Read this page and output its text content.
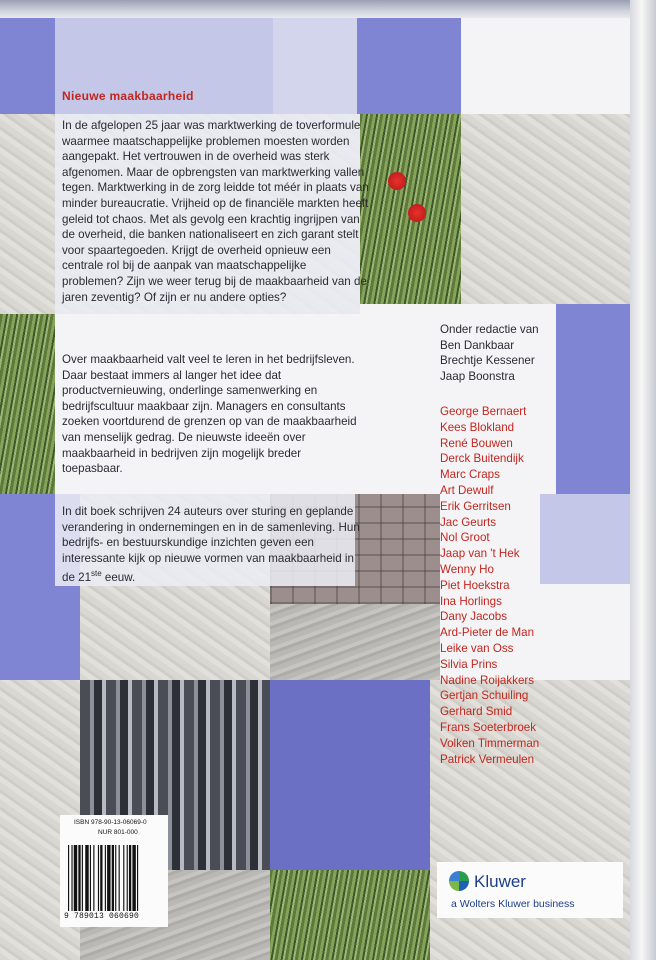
Nieuwe maakbaarheid

In de afgelopen 25 jaar was marktwerking de toverformule waarmee maatschappelijke problemen moesten worden aangepakt. Het vertrouwen in de overheid was sterk afgenomen. Maar de opbrengsten van marktwerking vallen tegen. Marktwerking in de zorg leidde tot méér in plaats van minder bureaucratie. Vrijheid op de financiële markten heeft geleid tot chaos. Met als gevolg een krachtig ingrijpen van de overheid, die banken nationaliseert en zich garant stelt voor spaartegoeden. Krijgt de overheid opnieuw een centrale rol bij de aanpak van maatschappelijke problemen? Zijn we weer terug bij de maakbaarheid van de jaren zeventig? Of zijn er nu andere opties?

Over maakbaarheid valt veel te leren in het bedrijfsleven. Daar bestaat immers al langer het idee dat productvernieuwing, onderlinge samenwerking en bedrijfscultuur maakbaar zijn. Managers en consultants zoeken voortdurend de grenzen op van de maakbaarheid van menselijk gedrag. De nieuwste ideeën over maakbaarheid in bedrijven zijn mogelijk breder toepasbaar.

In dit boek schrijven 24 auteurs over sturing en geplande verandering in ondernemingen en in de samenleving. Hun bedrijfs- en bestuurskundige inzichten geven een interessante kijk op nieuwe vormen van maakbaarheid in de 21ste eeuw.

Onder redactie van
Ben Dankbaar
Brechtje Kessener
Jaap Boonstra
George Bernaert
Kees Blokland
René Bouwen
Derck Buitendijk
Marc Craps
Art Dewulf
Erik Gerritsen
Jac Geurts
Nol Groot
Jaap van 't Hek
Wenny Ho
Piet Hoekstra
Ina Horlings
Dany Jacobs
Ard-Pieter de Man
Leike van Oss
Silvia Prins
Nadine Roijakkers
Gertjan Schuiling
Gerhard Smid
Frans Soeterbroek
Volken Timmerman
Patrick Vermeulen
ISBN 978-90-13-06069-0
NUR 801-000
9 789013 060690
Kluwer
a Wolters Kluwer business
